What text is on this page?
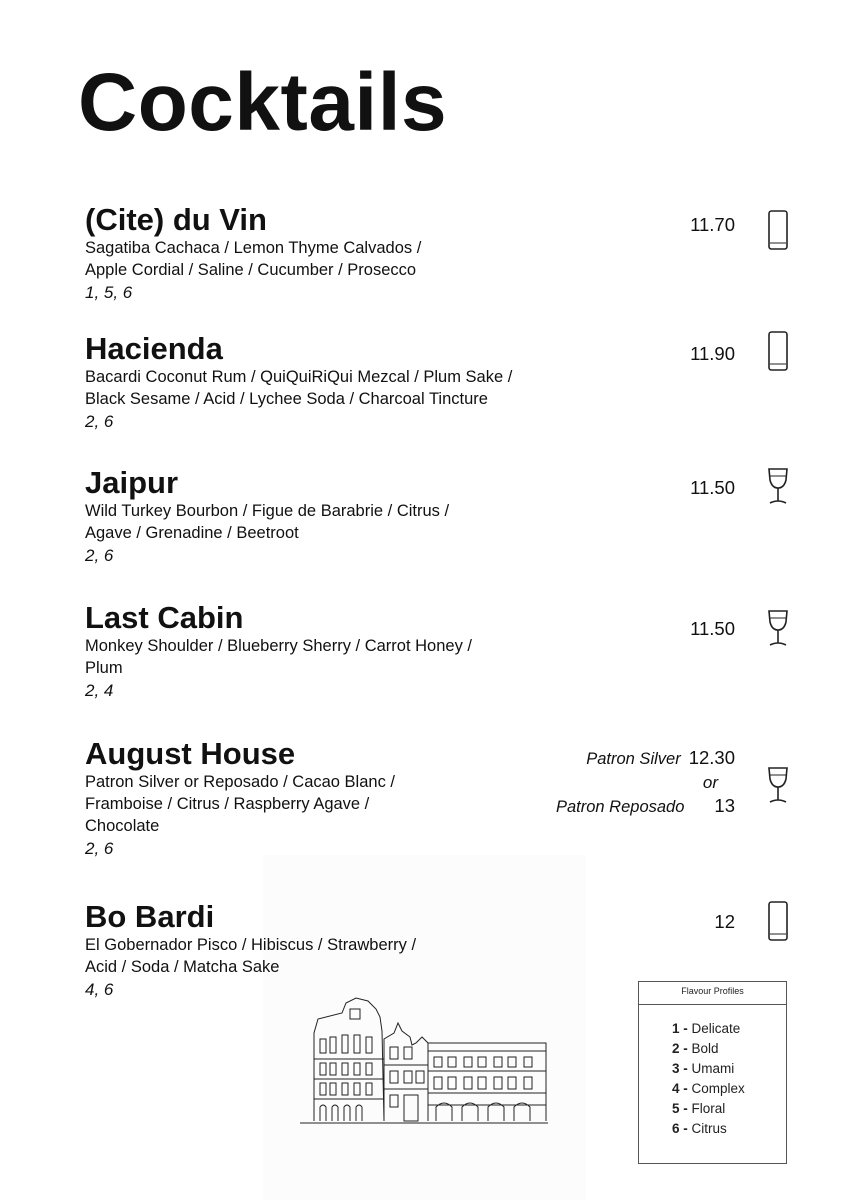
Cocktails
(Cite) du Vin
Sagatiba Cachaca / Lemon Thyme Calvados /
Apple Cordial / Saline / Cucumber / Prosecco
1, 5, 6
11.70
Hacienda
Bacardi Coconut Rum / QuiQuiRiQui Mezcal / Plum Sake /
Black Sesame / Acid / Lychee Soda / Charcoal Tincture
2, 6
11.90
Jaipur
Wild Turkey Bourbon / Figue de Barabrie / Citrus /
Agave / Grenadine / Beetroot
2, 6
11.50
Last Cabin
Monkey Shoulder / Blueberry Sherry / Carrot Honey /
Plum
2, 4
11.50
August House
Patron Silver or Reposado / Cacao Blanc /
Framboise / Citrus / Raspberry Agave /
Chocolate
2, 6
Patron Silver 12.30
or
Patron Reposado 13
Bo Bardi
El Gobernador Pisco / Hibiscus / Strawberry /
Acid / Soda / Matcha Sake
4, 6
12
Flavour Profiles
1 - Delicate
2 - Bold
3 - Umami
4 - Complex
5 - Floral
6 - Citrus
